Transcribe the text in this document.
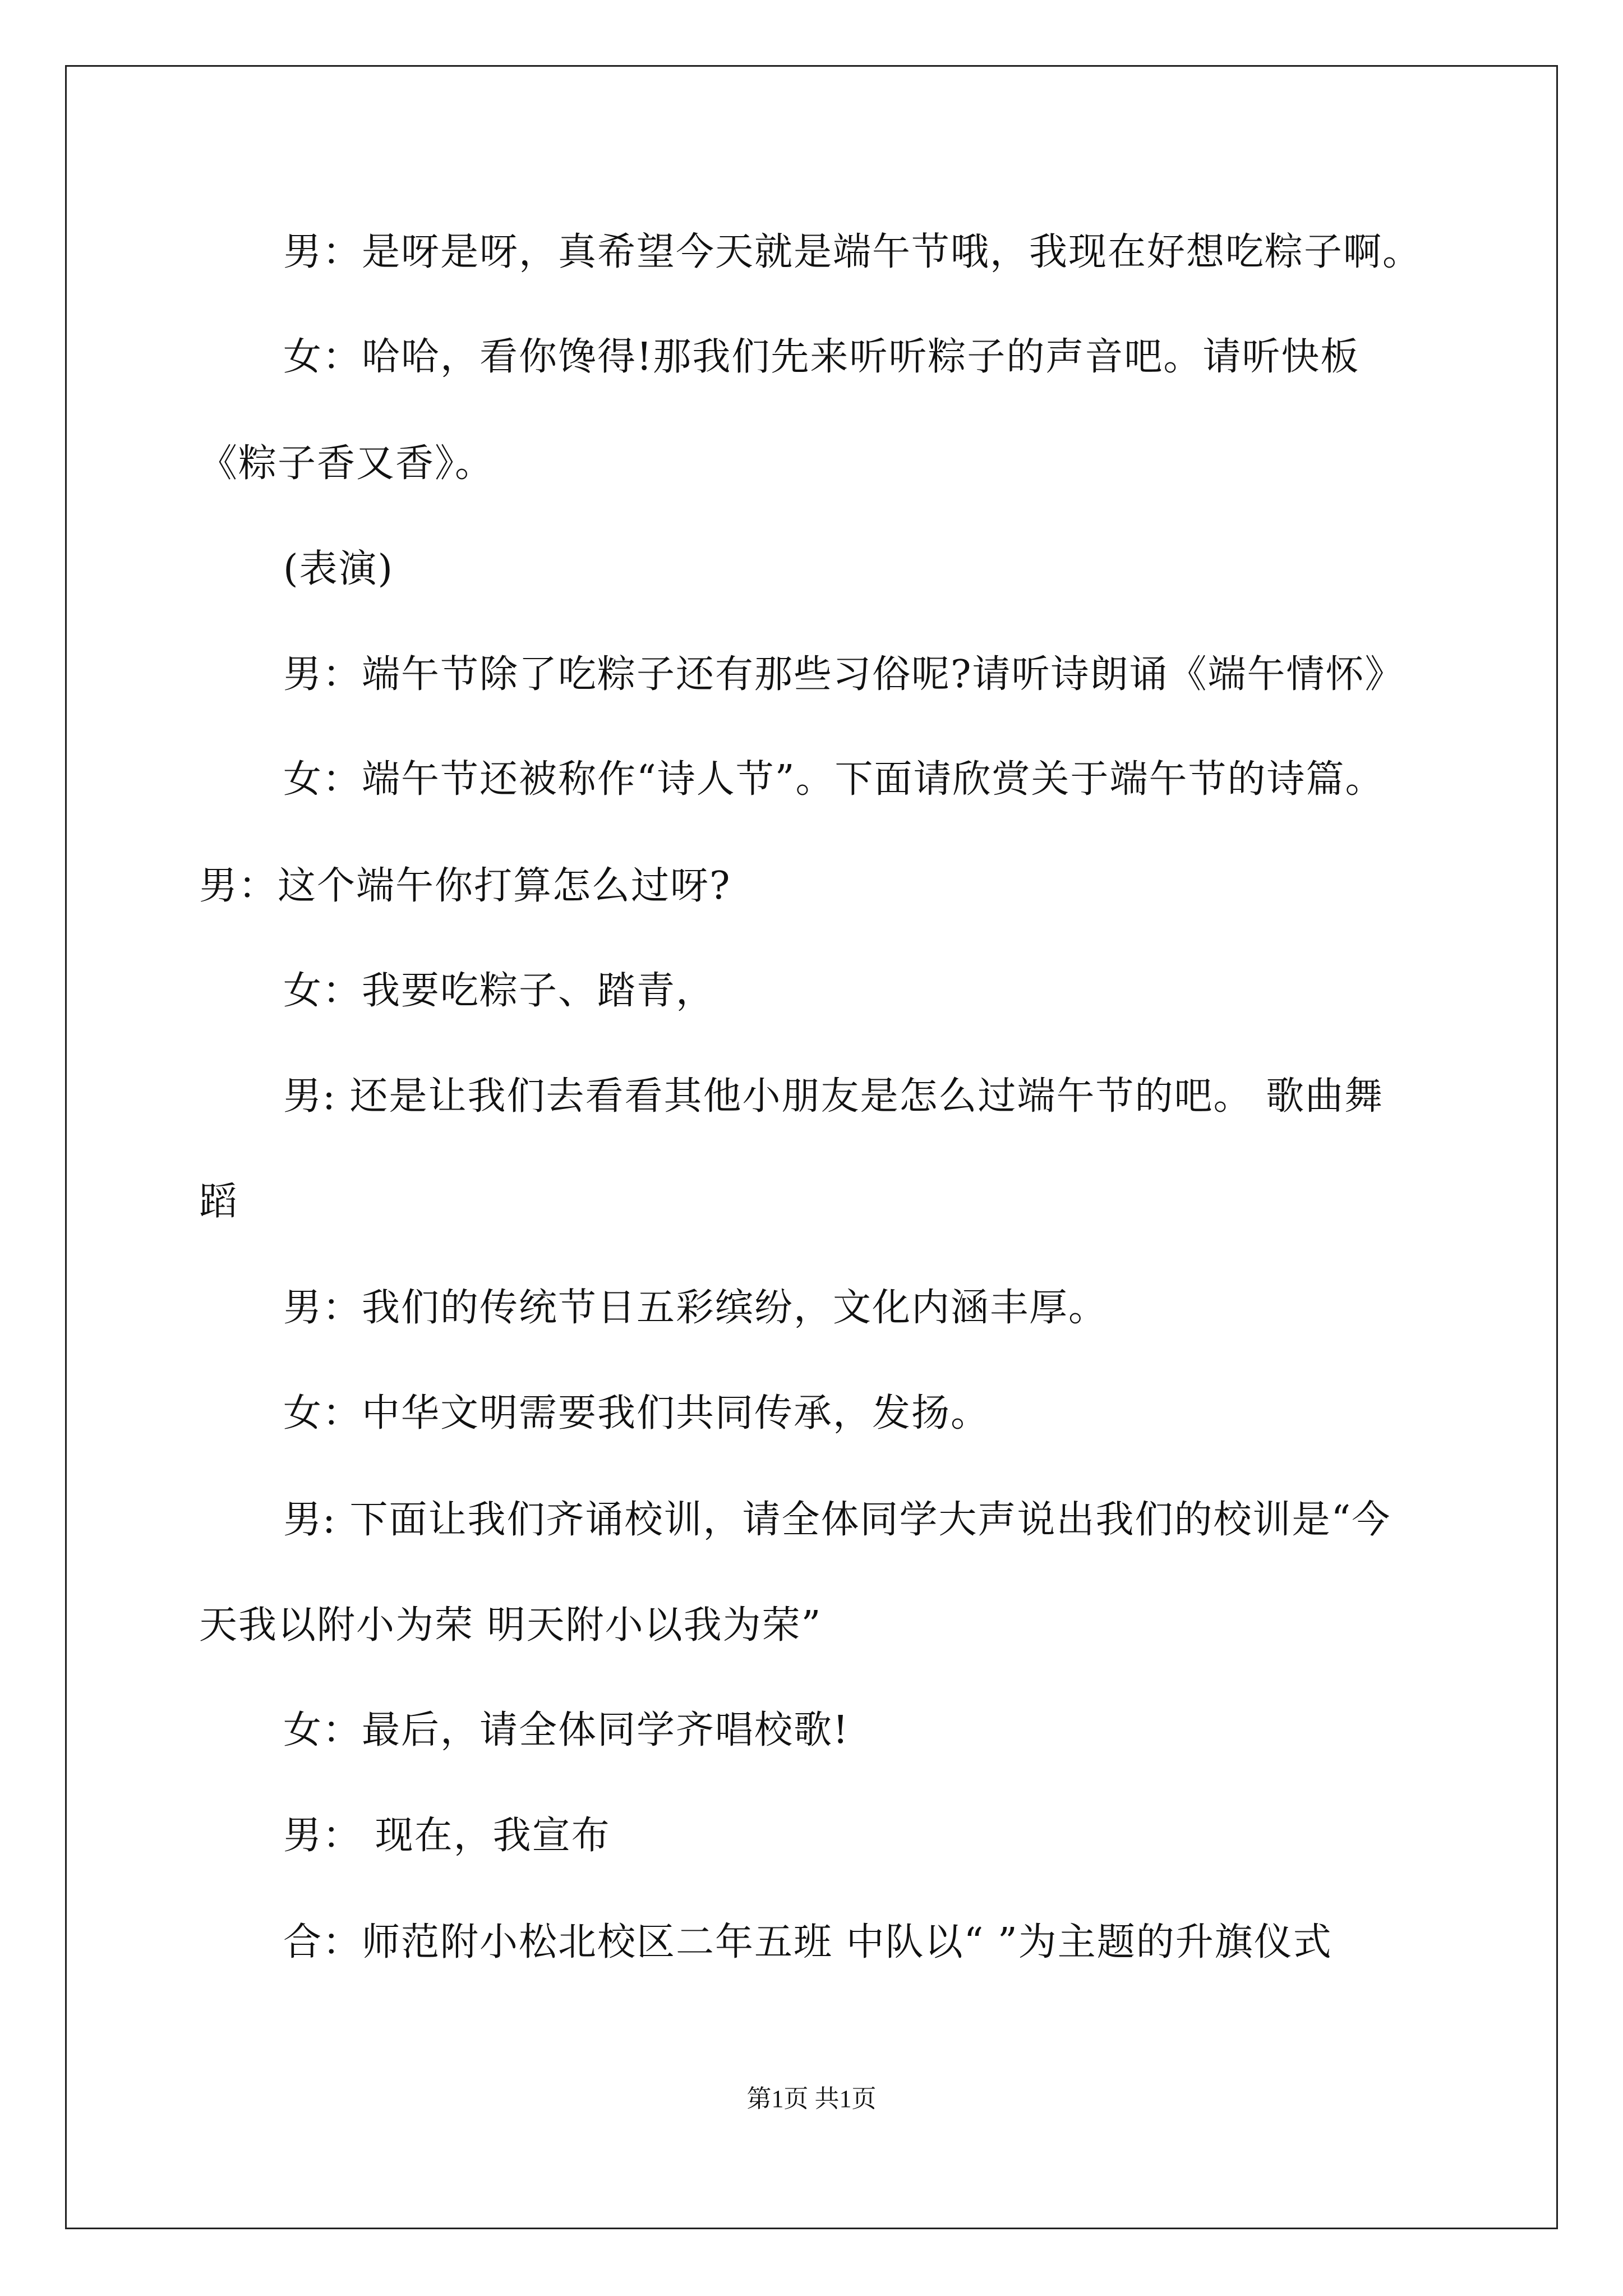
男：是呀是呀，真希望今天就是端午节哦，我现在好想吃粽子啊。
女：哈哈，看你馋得!那我们先来听听粽子的声音吧。请听快板
《粽子香又香》。
(表演)
男：端午节除了吃粽子还有那些习俗呢?请听诗朗诵《端午情怀》
女：端午节还被称作“诗人节”。下面请欣赏关于端午节的诗篇。
男：这个端午你打算怎么过呀?
女：我要吃粽子、踏青，
男: 还是让我们去看看其他小朋友是怎么过端午节的吧。 歌曲舞
蹈
男：我们的传统节日五彩缤纷，文化内涵丰厚。
女：中华文明需要我们共同传承，发扬。
男: 下面让我们齐诵校训，请全体同学大声说出我们的校训是“今
天我以附小为荣 明天附小以我为荣”
女：最后，请全体同学齐唱校歌!
男： 现在，我宣布
合：师范附小松北校区二年五班 中队以“ ”为主题的升旗仪式
第1页 共1页
